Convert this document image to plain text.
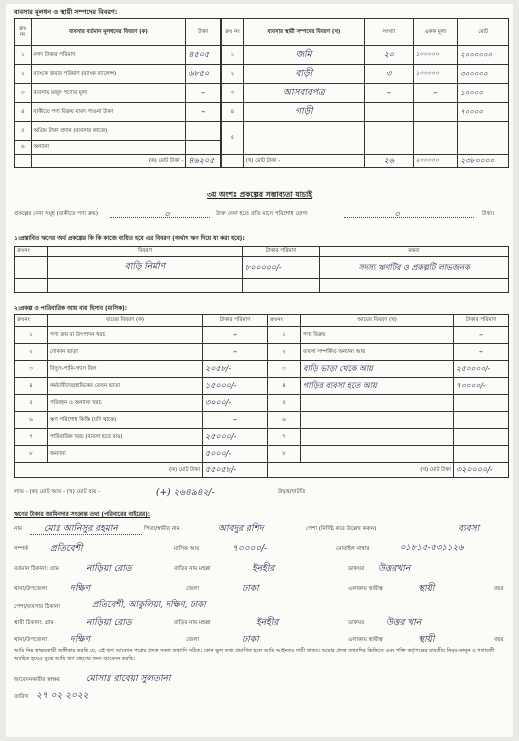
ব্যবসার মূলধন ও স্থায়ী সম্পদের বিবরণ:
ক্রঃ নং	ব্যবসার বর্তমান মূলধনের বিবরণ (ক)	টাকা
১	নগদ টাকার পরিমাণ	৪৫০৫
২	ব্যাংকে জমার পরিমাণ (ব্যাংক ব্যালেন্স)	৬৮৫০
৩	ব্যবসায় মজুদ পণ্যের মূল্য	–
৪	বাকীতে পণ্য বিক্রয় বাবদ পাওনা টাকা	–
৫	অগ্রিম টাকা প্রদান (ব্যবসার কাজে)	
৬	অন্যান্য	
	(ক) মোট টাকা -	৪৬২০৫
ক্রঃ নং	ব্যবসার স্থায়ী সম্পদের বিবরণ (খ)	সংখ্যা	একক মূল্য	মোট
১	জমি	২০	১০০০০০	২০০০০০০
২	বাড়ী	৩	১০০০০০	৩০০০০০
৩	আসবাবপত্র	–	–	১০০০০
৪	গাড়ী			৭০০০০
৫				
	(খ) মোট টাকা -	২৬	২০০০০০	২৩৮০০০০
৩য় অংশঃ প্রকল্পের সম্ভাব্যতা যাচাই
প্রকল্পের দেনা সমূহ (বাকীতে পণ্য ক্রয়)	০	উক্ত দেনা হতে প্রতি মাসে পরিশোধ যোগ্য	০	টাকা।
১।প্রস্তাবিত ঋণের অর্থ প্রকল্পের কি কি কাজে ব্যয়িত হবে এর বিবরণ (অর্থাৎ ঋণ দিয়ে যা করা হবে):
ক্রঃনং	বিবরণ	টাকার পরিমাণ	মন্তব্য
	বাড়ি নির্মাণ	৮০০০০০/-	সদস্য ঋণটির ও প্রকল্পটি লাভজনক

২।প্রকল্প ও পারিবারিক আয় ব্যয় হিসাব (মাসিক):
ক্রঃনং	ব্যয়ের বিবরণ (ক)	টাকার পরিমাণ	ক্রঃনং	আয়ের বিবরণ (খ)	টাকার পরিমাণ
১	পণ্য ক্রয় বা উৎপাদন খরচ	–	১	পণ্য বিক্রয়	–
২	দোকান ভাড়া	–	২	ব্যবসা সম্পর্কিত অন্যান্য আয়	–
৩	বিদ্যুৎ-পানি-গ্যাস বিল	২০৫৮/-	৩	বাড়ি ভাড়া থেকে আয়	২৫০০০০/-
৪	কর্মচারীদের/শ্রমিকের বেতন ভাতা	১৫০০০/-	৪	গাড়ির ব্যবসা হতে আয়	৭০০০০/-
৫	পরিবহন ও অন্যান্য খরচ	৩০০০/-	৫		
৬	ঋণ পরিশোধ কিস্তি (যদি থাকে)	–	৬		
৭	পারিবারিক খরচ (ব্যবসা হতে ব্যয়)	২৫০০০/-	৭		
৮	অন্যান্য	৫০০০/-	৮		
(ক) মোট টাকা		৫৫০৫৮/-	(খ) মোট টাকা		৩২০০০০/-
লাভ - (ক) মোট আয় - (খ) মোট ব্যয় -	(+) ২৬৪৯৪২/-	উদ্বৃত্ত/ঘাটতি
ঋণের টাকার জামিনদার সংক্রান্ত তথ্য (পরিবারের বাইরের):
নাম মোঃ আনিসুর রহমান	পিতা/স্বামীর নাম	আবদুর রশিদ	পেশা (নির্দিষ্ট করে উল্লেখ করুন)	ব্যবসা
সম্পর্ক প্রতিবেশী	মাসিক আয়	৭০০০০/-	মোবাইল নাম্বার	০১৮১৫-৫৩১১২৬
বর্তমান ঠিকানা: গ্রাম	নাড়িয়া রোড	বাড়ির নাম মহল্লা	ইনহীর	ডাকঘর উত্তরখান
থানা/উপজেলা	দক্ষিণ	জেলা	ঢাকা	এলাকায় স্থায়ীত্ব	স্থায়ী	বছর
পেশা/ব্যবসার ঠিকানা	প্রতিবেশী, আকুলিয়া, দক্ষিণ, ঢাকা
স্থায়ী ঠিকানা: গ্রাম	নাড়িয়া রোড	বাড়ির নাম মহল্লা	ইনহীর	ডাকঘর উত্তর খান
থানা/উপজেলা	দক্ষিণ	জেলা	ঢাকা	এলাকায় স্থায়ীত্ব	স্থায়ী	বছর
আমি নিম্ন স্বাক্ষরকারী অঙ্গীকার করছি যে, এই ঋণ আবেদন পত্রের প্রদত্ত সকল তথ্যাদি সঠিক। কোন ভুল তথ্য প্রমাণিত হলে আমি আইনতঃ দায়ী থাকব। আমার প্রদত্ত তথ্যাদির ভিত্তিতে এবং শক্তি কর্তৃপক্ষের যাবতীয় নিয়ম-কানুন ও শর্তাবলী অবহিত হয়েও বুঝে আমি ঋণ গ্রহণের জন্য আবেদন করছি।
আবেদনকারীর স্বাক্ষর	মোসাঃ রাবেয়া সুলতানা
তারিখ ২৭ ০২ ২০২২
